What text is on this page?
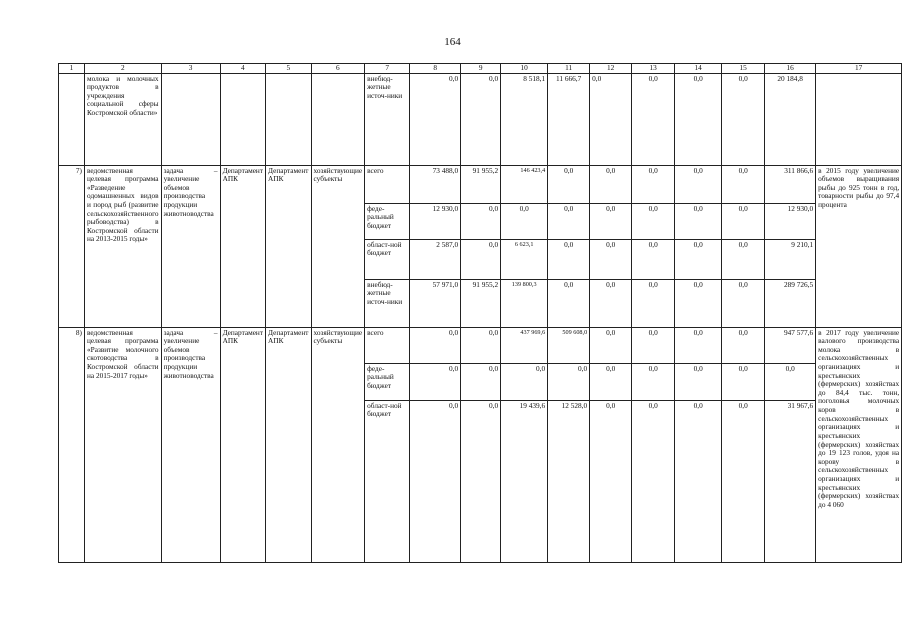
164
1	2	3	4	5	6	7	8	9	10	11	12	13	14	15	16	17
	молока и молочных продуктов в учреждения социальной сферы Костромской области»					внебюд-жетные источ-ники	0,0	0,0	8 518,1	11 666,7	0,0	0,0	0,0	0,0	20 184,8	
7)	ведомственная целевая программа «Разведение одомашненных видов и пород рыб (развитие сельскохозяйственного рыбоводства) в Костромской области на 2013-2015 годы»	задача – увеличение объемов производства продукции животноводства	Департамент АПК	Департамент АПК	хозяйствующие субъекты	всего	73 488,0	91 955,2	146 423,4	0,0	0,0	0,0	0,0	0,0	311 866,6	в 2015 году увеличение объемов выращивания рыбы до 925 тонн в год, товарности рыбы до 97,4 процента
						феде-ральный бюджет	12 930,0	0,0	0,0	0,0	0,0	0,0	0,0	0,0	12 930,0	
						област-ной бюджет	2 587,0	0,0	6 623,1	0,0	0,0	0,0	0,0	0,0	9 210,1	
						внебюд-жетные источ-ники	57 971,0	91 955,2	139 800,3	0,0	0,0	0,0	0,0	0,0	289 726,5	
8)	ведомственная целевая программа «Развитие молочного скотоводства в Костромской области на 2015-2017 годы»	задача – увеличение объемов производства продукции животноводства	Департамент АПК	Департамент АПК	хозяйствующие субъекты	всего	0,0	0,0	437 969,6	509 608,0	0,0	0,0	0,0	0,0	947 577,6	в 2017 году увеличение валового производства молока в сельскохозяйственных организациях и крестьянских (фермерских) хозяйствах до 84,4 тыс. тонн, поголовья молочных коров в сельскохозяйственных организациях и крестьянских (фермерских) хозяйствах до 19 123 голов, удоя на корову в сельскохозяйственных организациях и крестьянских (фермерских) хозяйствах до 4 060
						феде-ральный бюджет	0,0	0,0	0,0	0,0	0,0	0,0	0,0	0,0	0,0	
						област-ной бюджет	0,0	0,0	19 439,6	12 528,0	0,0	0,0	0,0	0,0	31 967,6	
